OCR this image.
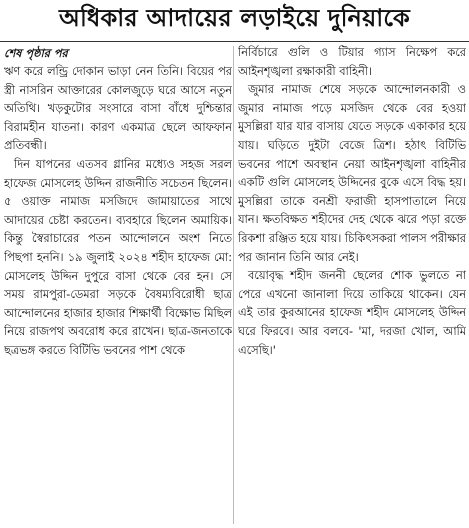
অধিকার আদায়ের লড়াইয়ে দুনিয়াকে
শেষ পৃষ্ঠার পর

ঋণ করে লন্ড্রি দোকান ভাড়া নেন তিনি। বিয়ের পর স্ত্রী নাসরিন আক্তারের কোলজুড়ে ঘরে আসে নতুন অতিথি। খড়কুটোর সংসারে বাসা বাঁধে দুশ্চিন্তার বিরামহীন যাতনা। কারণ একমাত্র ছেলে আফফান প্রতিবন্ধী।

দিন যাপনের এতসব গ্লানির মধ্যেও সহজ সরল হাফেজ মোসলেহ উদ্দিন রাজনীতি সচেতন ছিলেন। ৫ ওয়াক্ত নামাজ মসজিদে জামায়াতের সাথে আদায়ের চেষ্টা করতেন। ব্যবহারে ছিলেন অমায়িক। কিন্তু স্বৈরাচারের পতন আন্দোলনে অংশ নিতে পিছপা হননি। ১৯ জুলাই ২০২৪ শহীদ হাফেজ মো: মোসলেহ উদ্দিন দুপুরে বাসা থেকে বের হন। সে সময় রামপুরা-ডেমরা সড়কে বৈষম্যবিরোধী ছাত্র আন্দোলনের হাজার হাজার শিক্ষার্থী বিক্ষোভ মিছিল নিয়ে রাজপথ অবরোধ করে রাখেন। ছাত্র-জনতাকে ছত্রভঙ্গ করতে বিটিভি ভবনের পাশ থেকে

নির্বিচারে গুলি ও টিয়ার গ্যাস নিক্ষেপ করে আইনশৃঙ্খলা রক্ষাকারী বাহিনী।

জুমার নামাজ শেষে সড়কে আন্দোলনকারী ও জুমার নামাজ পড়ে মসজিদ থেকে বের হওয়া মুসল্লিরা যার যার বাসায় যেতে সড়কে একাকার হয়ে যায়। ঘড়িতে দুইটা বেজে ত্রিশ। হঠাৎ বিটিভি ভবনের পাশে অবস্থান নেয়া আইনশৃঙ্খলা বাহিনীর একটি গুলি মোসলেহ উদ্দিনের বুকে এসে বিদ্ধ হয়। মুসল্লিরা তাকে বনশ্রী ফরাজী হাসপাতালে নিয়ে যান। ক্ষতবিক্ষত শহীদের দেহ থেকে ঝরে পড়া রক্তে রিকশা রঞ্জিত হয়ে যায়। চিকিৎসকরা পালস পরীক্ষার পর জানান তিনি আর নেই।

বয়োবৃদ্ধ শহীদ জননী ছেলের শোক ভুলতে না পেরে এখনো জানালা দিয়ে তাকিয়ে থাকেন। যেন এই তার কুরআনের হাফেজ শহীদ মোসলেহ উদ্দিন ঘরে ফিরবে। আর বলবে- 'মা, দরজা খোল, আমি এসেছি।'
